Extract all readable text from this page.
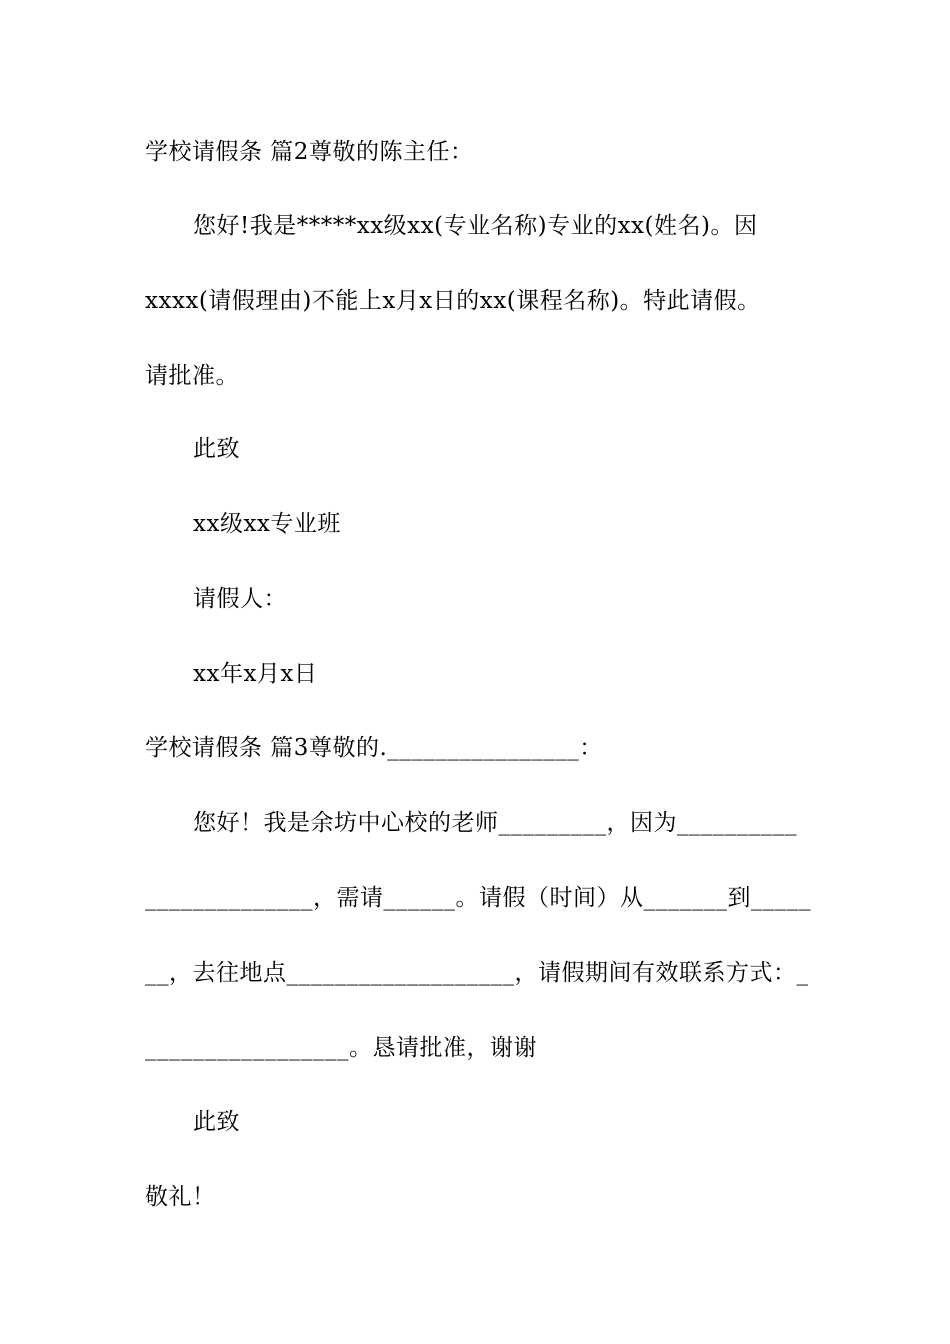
学校请假条 篇2尊敬的陈主任：
您好!我是*****xx级xx(专业名称)专业的xx(姓名)。因
xxxx(请假理由)不能上x月x日的xx(课程名称)。特此请假。
请批准。
此致
xx级xx专业班
请假人：
xx年x月x日
学校请假条 篇3尊敬的.________________：
您好！我是余坊中心校的老师_________，因为__________
______________，需请______。请假（时间）从_______到_____
__，去往地点___________________，请假期间有效联系方式：_
_________________。恳请批准，谢谢
此致
敬礼！
